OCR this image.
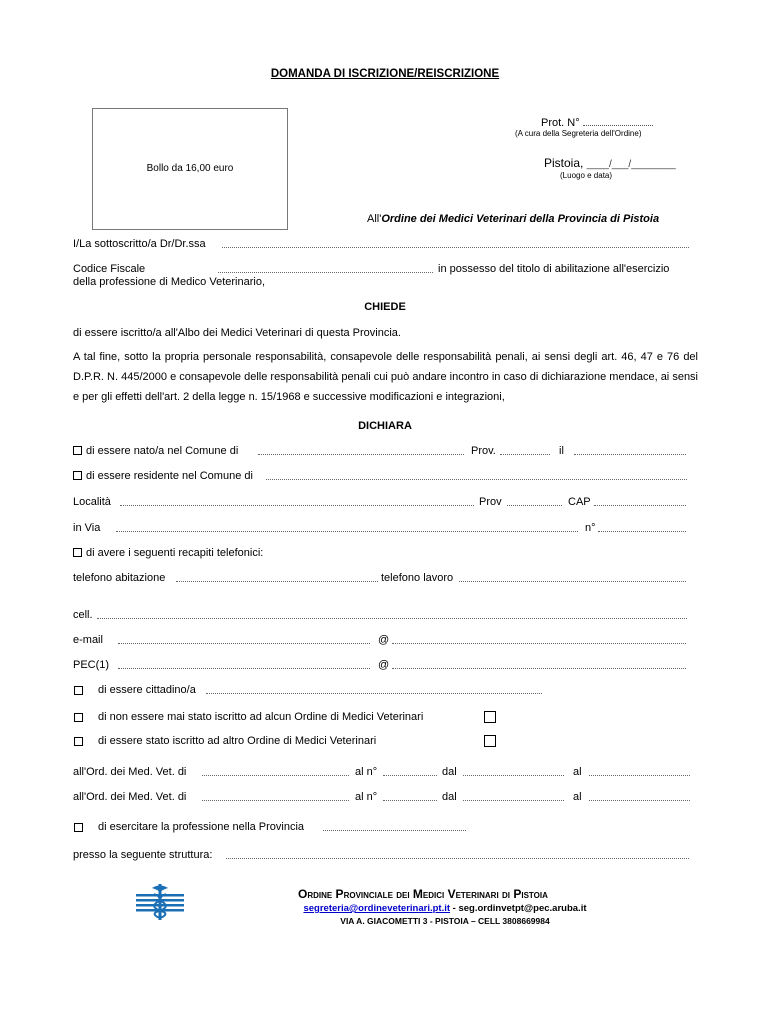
DOMANDA DI ISCRIZIONE/REISCRIZIONE
Bollo da 16,00 euro
Prot. N°
(A cura della Segreteria dell'Ordine)
Pistoia, ____/___/________
(Luogo e data)
All'Ordine dei Medici Veterinari della Provincia di Pistoia
I/La sottoscritto/a Dr/Dr.ssa
Codice Fiscale	in possesso del titolo di abilitazione all'esercizio
della professione di Medico Veterinario,
CHIEDE
di essere iscritto/a all'Albo dei Medici Veterinari di questa Provincia.
A tal fine, sotto la propria personale responsabilità, consapevole delle responsabilità penali, ai sensi degli art. 46, 47 e 76 del D.P.R. N. 445/2000 e consapevole delle responsabilità penali cui può andare incontro in caso di dichiarazione mendace, ai sensi e per gli effetti dell'art. 2 della legge n. 15/1968 e successive modificazioni e integrazioni,
DICHIARA
di essere nato/a nel Comune di	Prov.	il
di essere residente nel Comune di
Località	Prov	CAP
in Via	n°
di avere i seguenti recapiti telefonici:
telefono abitazione	telefono lavoro
cell.
e-mail	@
PEC(1)	@
di essere cittadino/a
di non essere mai stato iscritto ad alcun Ordine di Medici Veterinari
di essere stato iscritto ad altro Ordine di Medici Veterinari
all'Ord. dei Med. Vet. di	al n°	dal	al
all'Ord. dei Med. Vet. di	al n°	dal	al
di esercitare la professione nella Provincia
presso la seguente struttura:
Ordine Provinciale dei Medici Veterinari di Pistoia
segreteria@ordineveterinari.pt.it - seg.ordinvetpt@pec.aruba.it
VIA A. GIACOMETTI 3 - PISTOIA – CELL 3808669984
